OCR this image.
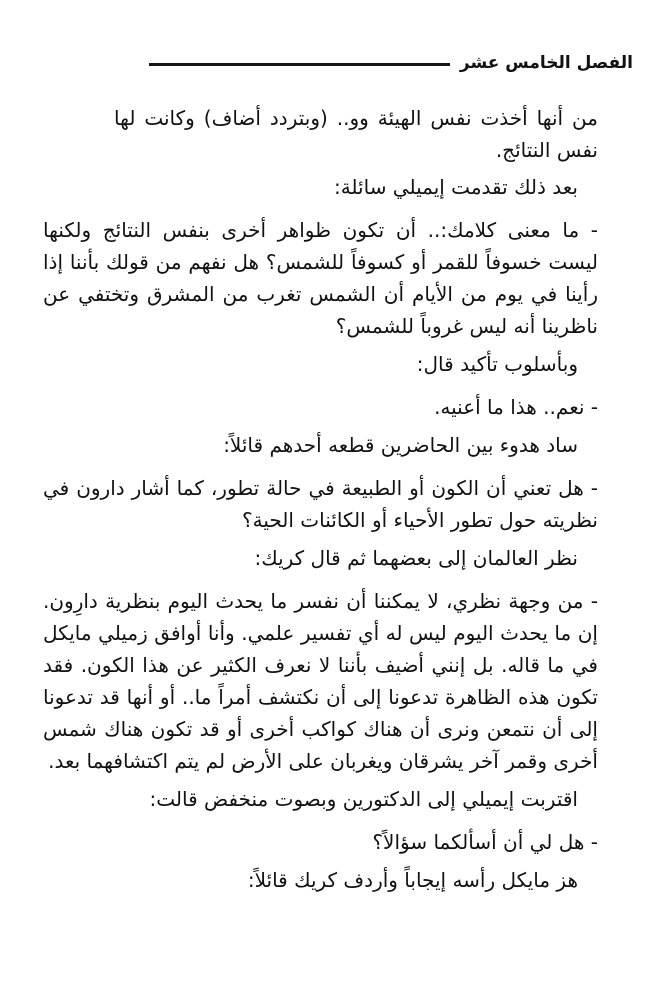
الفصل الخامس عشر

من أنها أخذت نفس الهيئة وو.. (وبتردد أضاف) وكانت لها نفس النتائج.

بعد ذلك تقدمت إيميلي سائلة:

- ما معنى كلامك:.. أن تكون ظواهر أخرى بنفس النتائج ولكنها ليست خسوفاً للقمر أو كسوفاً للشمس؟ هل نفهم من قولك بأننا إذا رأينا في يوم من الأيام أن الشمس تغرب من المشرق وتختفي عن ناظرينا أنه ليس غروباً للشمس؟

وبأسلوب تأكيد قال:

- نعم.. هذا ما أعنيه.

ساد هدوء بين الحاضرين قطعه أحدهم قائلاً:

- هل تعني أن الكون أو الطبيعة في حالة تطور، كما أشار دارون في نظريته حول تطور الأحياء أو الكائنات الحية؟

نظر العالمان إلى بعضهما ثم قال كريك:

- من وجهة نظري، لا يمكننا أن نفسر ما يحدث اليوم بنظرية دارِون. إن ما يحدث اليوم ليس له أي تفسير علمي. وأنا أوافق زميلي مايكل في ما قاله. بل إنني أضيف بأننا لا نعرف الكثير عن هذا الكون. فقد تكون هذه الظاهرة تدعونا إلى أن نكتشف أمراً ما.. أو أنها قد تدعونا إلى أن نتمعن ونرى أن هناك كواكب أخرى أو قد تكون هناك شمس أخرى وقمر آخر يشرقان ويغربان على الأرض لم يتم اكتشافهما بعد.

اقتربت إيميلي إلى الدكتورين وبصوت منخفض قالت:

- هل لي أن أسألكما سؤالاً؟

هز مايكل رأسه إيجاباً وأردف كريك قائلاً:
